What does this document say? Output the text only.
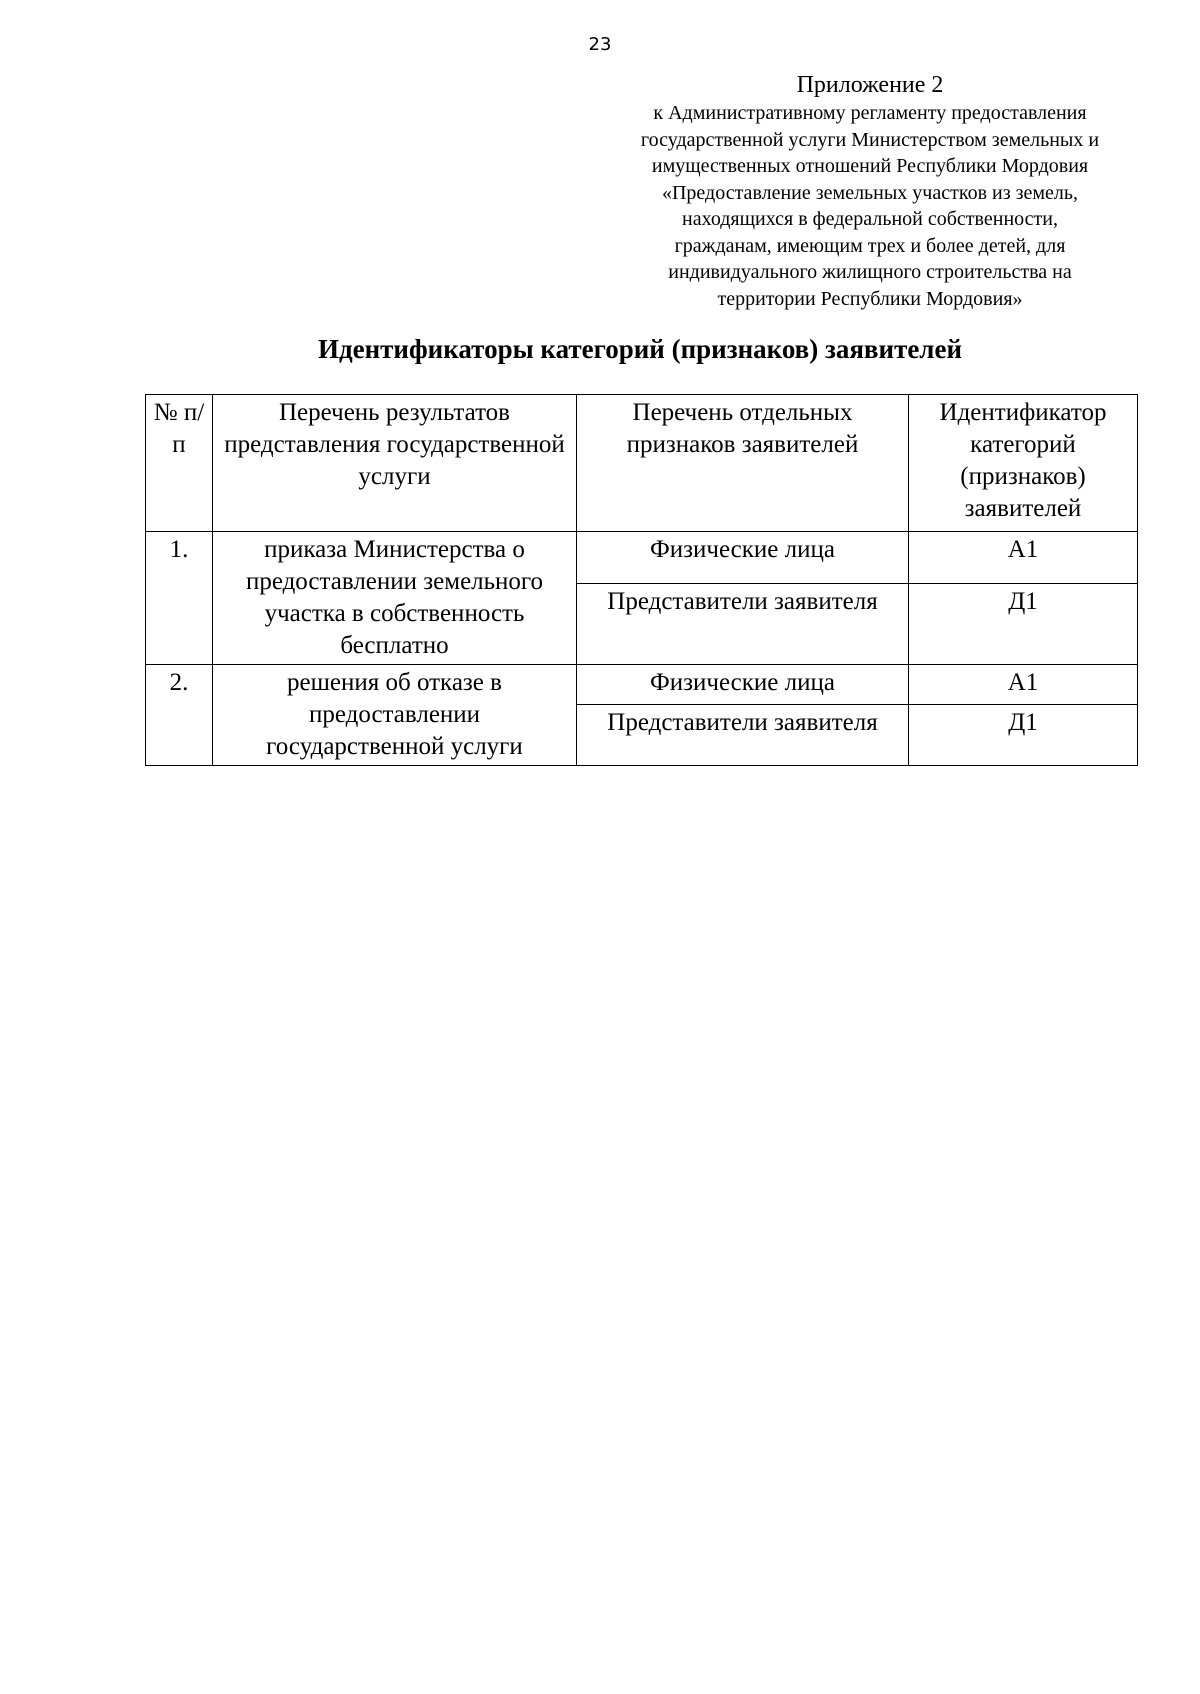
23
Приложение 2
к Административному регламенту предоставления
государственной услуги Министерством земельных и
имущественных отношений Республики Мордовия
«Предоставление земельных участков из земель,
находящихся в федеральной собственности,
гражданам, имеющим трех и более детей, для
индивидуального жилищного строительства на
территории Республики Мордовия»
Идентификаторы категорий (признаков) заявителей
№ п/п	Перечень результатов представления государственной услуги	Перечень отдельных признаков заявителей	Идентификатор категорий (признаков) заявителей
1.	приказа Министерства о предоставлении земельного участка в собственность бесплатно	Физические лица	А1
		Представители заявителя	Д1
2.	решения об отказе в предоставлении государственной услуги	Физические лица	А1
		Представители заявителя	Д1
